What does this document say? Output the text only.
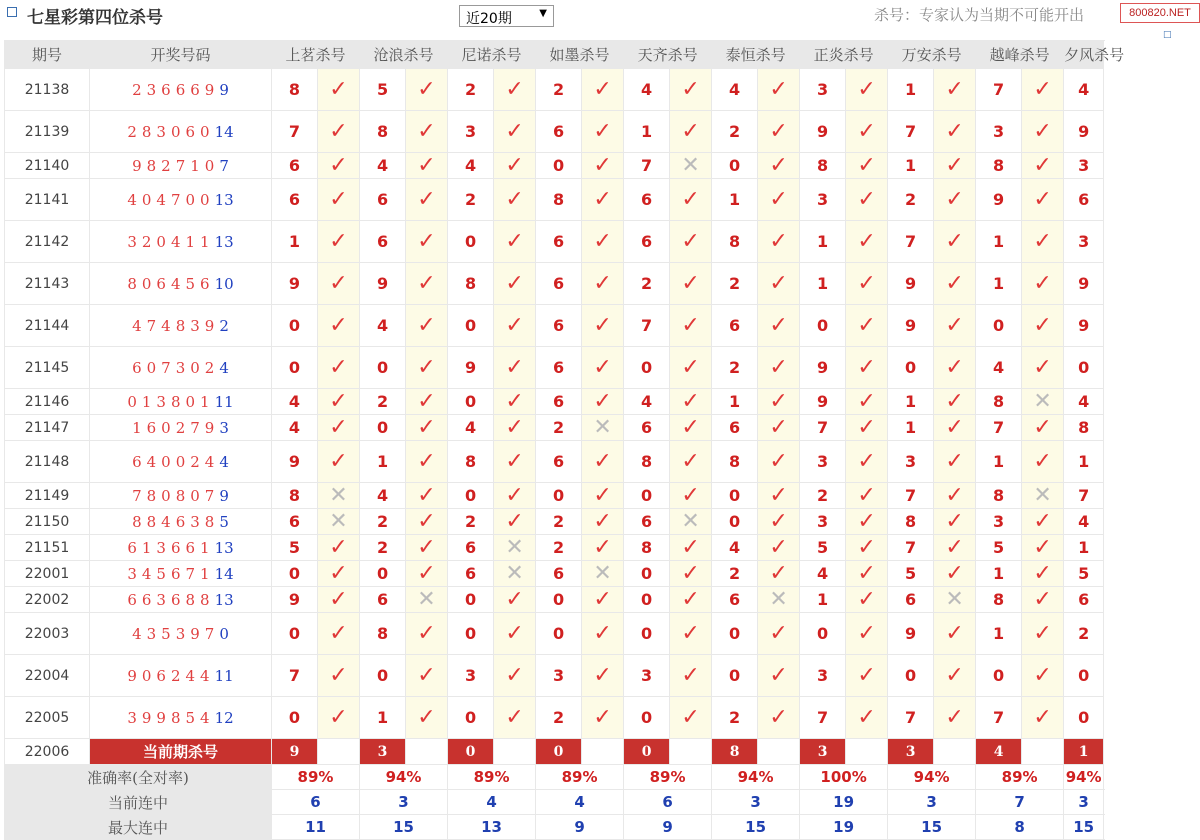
七星彩第四位杀号	近20期	▼	杀号：专家认为当期不可能开出	800820.NET
□
期号	开奖号码	上茗杀号		沧浪杀号		尼诺杀号		如墨杀号		天齐杀号		泰恒杀号		正炎杀号		万安杀号		越峰杀号		夕风杀号	
21138	2366699	8	✓	5	✓	2	✓	2	✓	4	✓	4	✓	3	✓	1	✓	7	✓	4		
21139	28306014	7	✓	8	✓	3	✓	6	✓	1	✓	2	✓	9	✓	7	✓	3	✓	9		
21140	9827107	6	✓	4	✓	4	✓	0	✓	7	✕	0	✓	8	✓	1	✓	8	✓	3		
21141	40470013	6	✓	6	✓	2	✓	8	✓	6	✓	1	✓	3	✓	2	✓	9	✓	6		
21142	32041113	1	✓	6	✓	0	✓	6	✓	6	✓	8	✓	1	✓	7	✓	1	✓	3		
21143	80645610	9	✓	9	✓	8	✓	6	✓	2	✓	2	✓	1	✓	9	✓	1	✓	9		
21144	4748392	0	✓	4	✓	0	✓	6	✓	7	✓	6	✓	0	✓	9	✓	0	✓	9		
21145	6073024	0	✓	0	✓	9	✓	6	✓	0	✓	2	✓	9	✓	0	✓	4	✓	0		
21146	01380111	4	✓	2	✓	0	✓	6	✓	4	✓	1	✓	9	✓	1	✓	8	✕	4		
21147	1602793	4	✓	0	✓	4	✓	2	✕	6	✓	6	✓	7	✓	1	✓	7	✓	8		
21148	6400244	9	✓	1	✓	8	✓	6	✓	8	✓	8	✓	3	✓	3	✓	1	✓	1		
21149	7808079	8	✕	4	✓	0	✓	0	✓	0	✓	0	✓	2	✓	7	✓	8	✕	7		
21150	8846385	6	✕	2	✓	2	✓	2	✓	6	✕	0	✓	3	✓	8	✓	3	✓	4		
21151	61366113	5	✓	2	✓	6	✕	2	✓	8	✓	4	✓	5	✓	7	✓	5	✓	1		
22001	34567114	0	✓	0	✓	6	✕	6	✕	0	✓	2	✓	4	✓	5	✓	1	✓	5		
22002	66368813	9	✓	6	✕	0	✓	0	✓	0	✓	6	✕	1	✓	6	✕	8	✓	6		
22003	4353970	0	✓	8	✓	0	✓	0	✓	0	✓	0	✓	0	✓	9	✓	1	✓	2		
22004	90624411	7	✓	0	✓	3	✓	3	✓	3	✓	0	✓	3	✓	0	✓	0	✓	0		
22005	39985412	0	✓	1	✓	0	✓	2	✓	0	✓	2	✓	7	✓	7	✓	7	✓	0		
22006	当前期杀号	9		3		0		0		0		8		3		3		4		1		
准确率(全对率)		89%		94%		89%		89%		89%		94%		100%		94%		89%		94%	
当前连中		6		3		4		4		6		3		19		3		7		3	
最大连中		11		15		13		9		9		15		19		15		8		15	
